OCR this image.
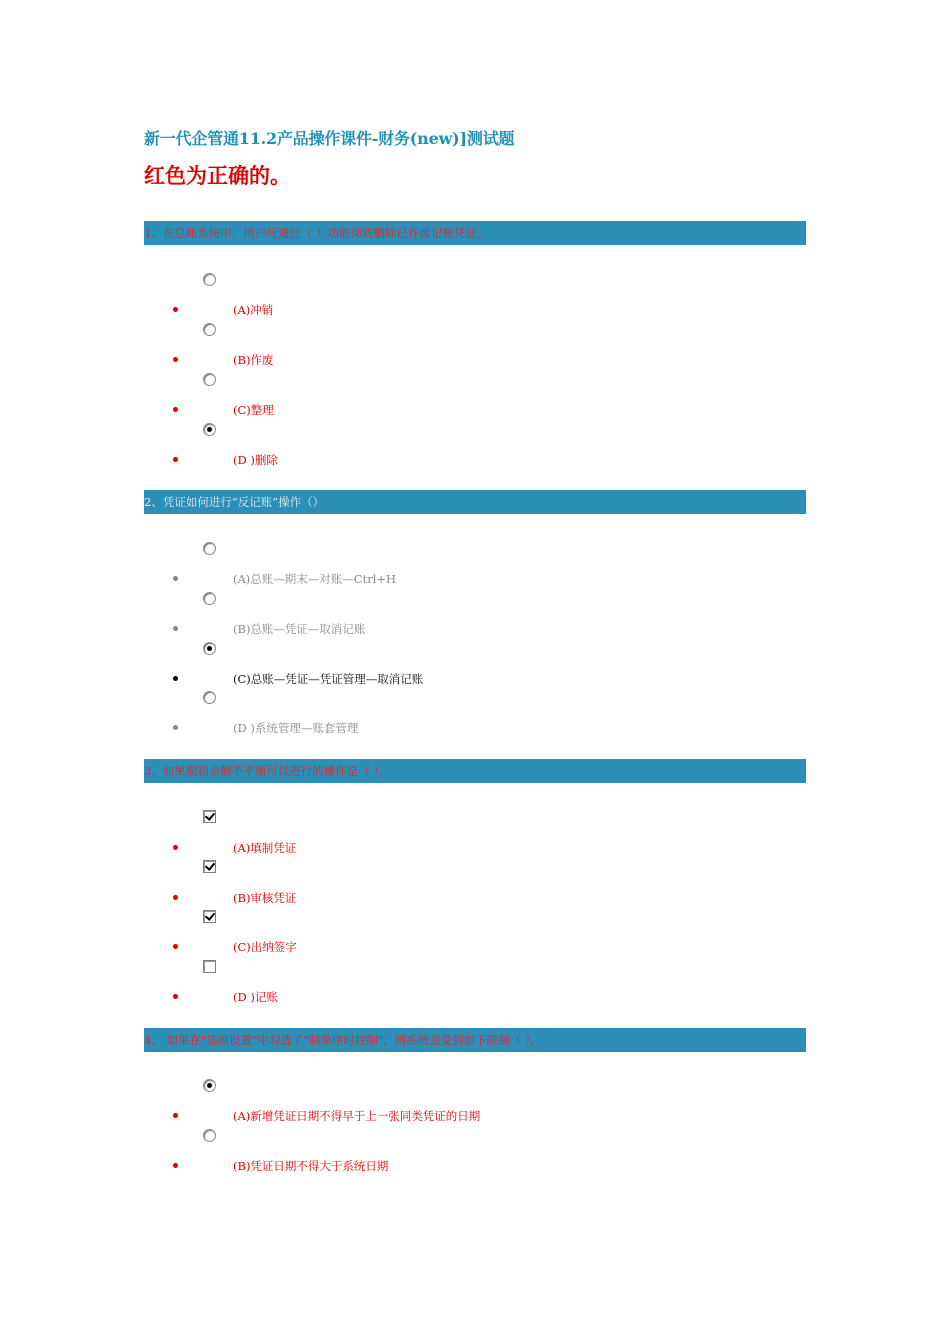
新一代企管通11.2产品操作课件-财务(new)]测试题
红色为正确的。
1、在总账系统中，用户可通过（ ）功能彻底删除已作废记账凭证。
(A)冲销
(B)作废
(C)整理
(D )删除
2、凭证如何进行“反记账”操作（）
(A)总账—期末—对账—Ctrl+H
(B)总账—凭证—取消记账
(C)总账—凭证—凭证管理—取消记账
(D )系统管理—账套管理
3、如果期初余额不平衡可以进行的操作是（ ）。
(A)填制凭证
(B)审核凭证
(C)出纳签字
(D )记账
4、 如果在"选项设置"中勾选了"制单序时控制"，则系统会受到如下限制（ ）。
(A)新增凭证日期不得早于上一张同类凭证的日期
(B)凭证日期不得大于系统日期
